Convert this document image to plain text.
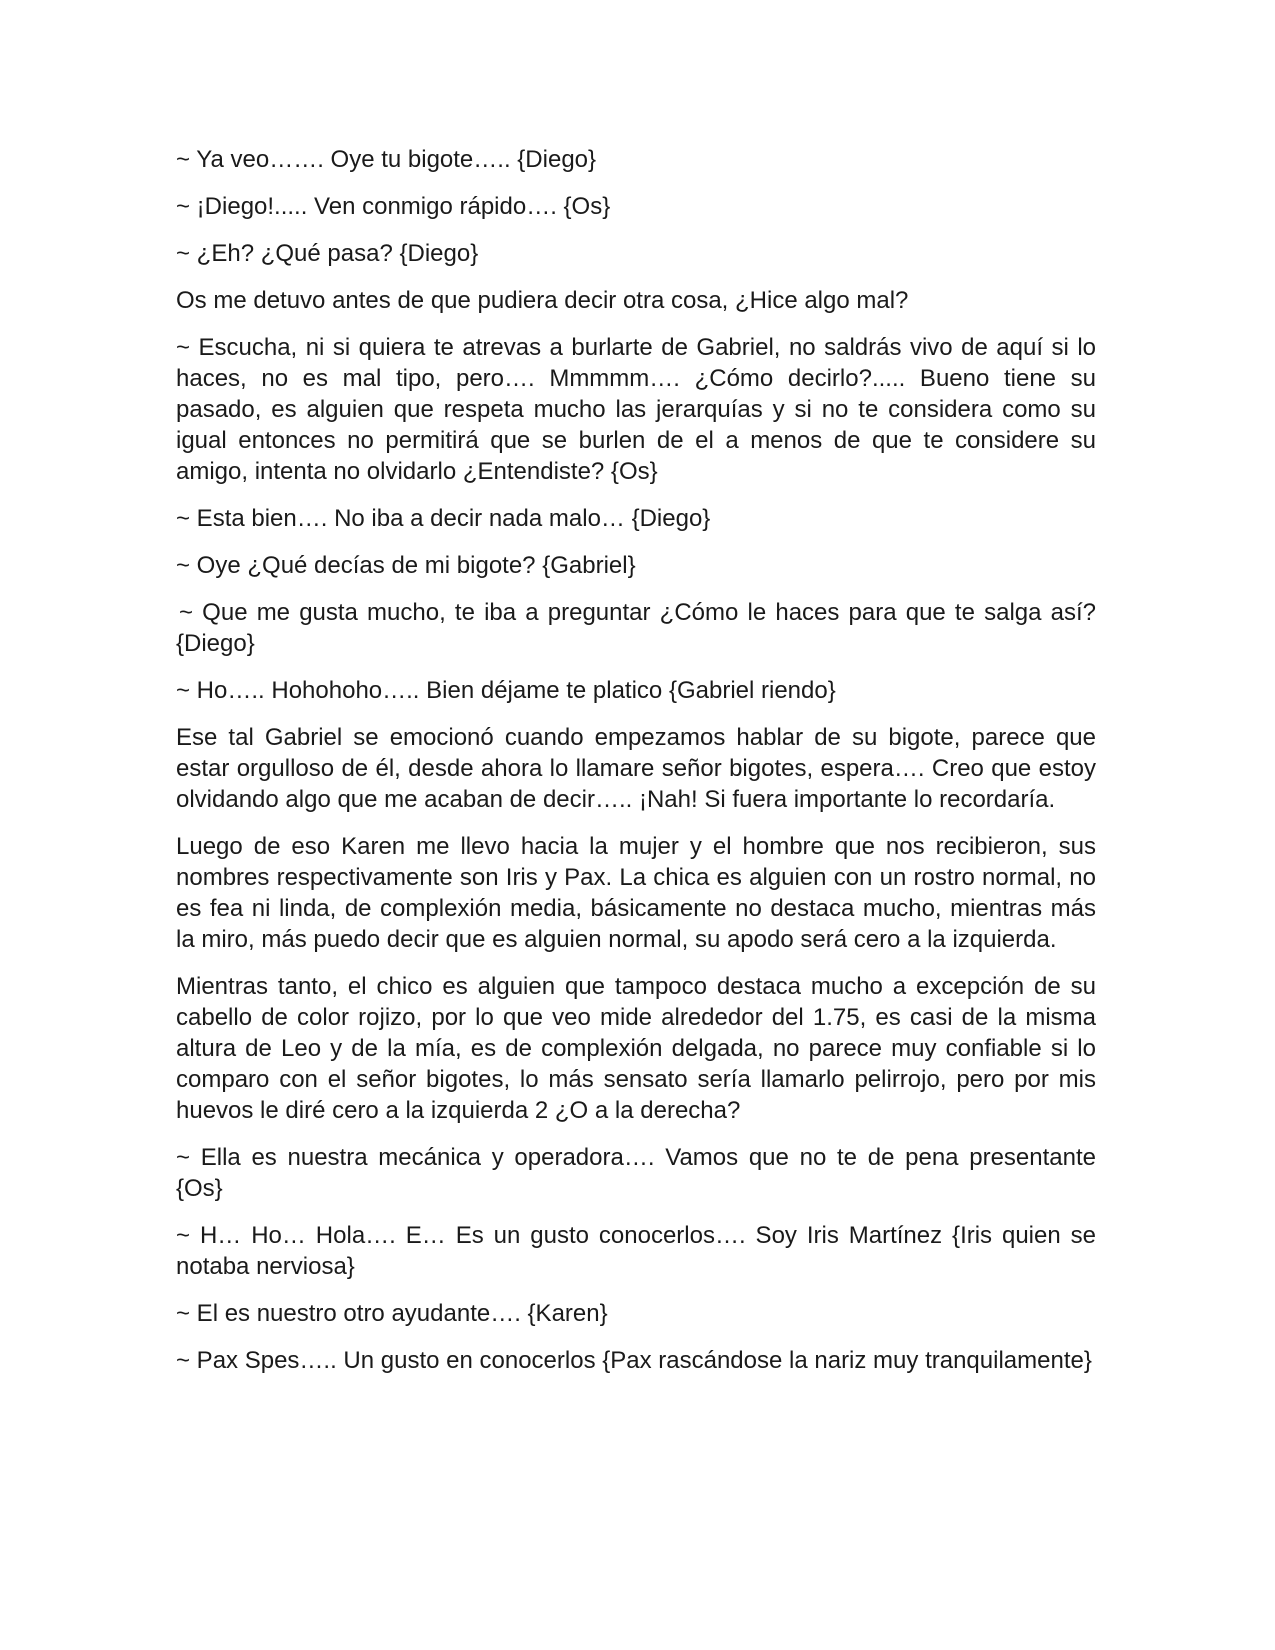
~ Ya veo……. Oye tu bigote….. {Diego}

~ ¡Diego!..... Ven conmigo rápido…. {Os}

~ ¿Eh? ¿Qué pasa? {Diego}

Os me detuvo antes de que pudiera decir otra cosa, ¿Hice algo mal?

~ Escucha, ni si quiera te atrevas a burlarte de Gabriel, no saldrás vivo de aquí si lo haces, no es mal tipo, pero…. Mmmmm…. ¿Cómo decirlo?..... Bueno tiene su pasado, es alguien que respeta mucho las jerarquías y si no te considera como su igual entonces no permitirá que se burlen de el a menos de que te considere su amigo, intenta no olvidarlo ¿Entendiste? {Os}

~ Esta bien…. No iba a decir nada malo… {Diego}

~ Oye ¿Qué decías de mi bigote? {Gabriel}

~ Que me gusta mucho, te iba a preguntar ¿Cómo le haces para que te salga así? {Diego}

~ Ho….. Hohohoho….. Bien déjame te platico {Gabriel riendo}

Ese tal Gabriel se emocionó cuando empezamos hablar de su bigote, parece que estar orgulloso de él, desde ahora lo llamare señor bigotes, espera…. Creo que estoy olvidando algo que me acaban de decir….. ¡Nah! Si fuera importante lo recordaría.

Luego de eso Karen me llevo hacia la mujer y el hombre que nos recibieron, sus nombres respectivamente son Iris y Pax. La chica es alguien con un rostro normal, no es fea ni linda, de complexión media, básicamente no destaca mucho, mientras más la miro, más puedo decir que es alguien normal, su apodo será cero a la izquierda.

Mientras tanto, el chico es alguien que tampoco destaca mucho a excepción de su cabello de color rojizo, por lo que veo mide alrededor del 1.75, es casi de la misma altura de Leo y de la mía, es de complexión delgada, no parece muy confiable si lo comparo con el señor bigotes, lo más sensato sería llamarlo pelirrojo, pero por mis huevos le diré cero a la izquierda 2 ¿O a la derecha?

~ Ella es nuestra mecánica y operadora…. Vamos que no te de pena presentante {Os}

~ H… Ho… Hola…. E… Es un gusto conocerlos…. Soy Iris Martínez {Iris quien se notaba nerviosa}

~ El es nuestro otro ayudante…. {Karen}

~ Pax Spes….. Un gusto en conocerlos {Pax rascándose la nariz muy tranquilamente}
